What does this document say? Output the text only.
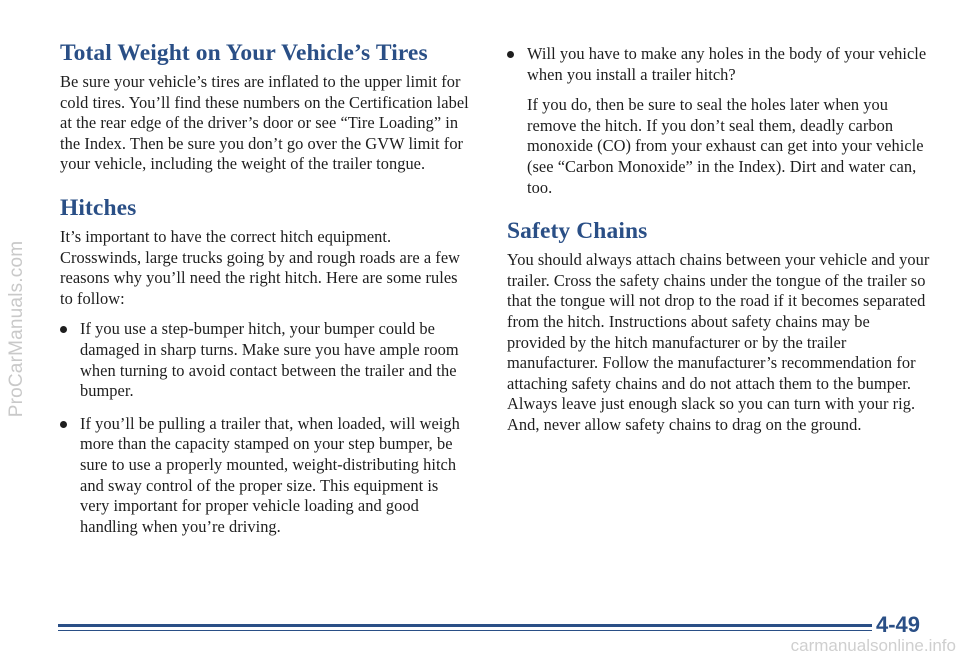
ProCarManuals.com
Total Weight on Your Vehicle’s Tires

Be sure your vehicle’s tires are inflated to the upper limit for cold tires. You’ll find these numbers on the Certification label at the rear edge of the driver’s door or see “Tire Loading” in the Index. Then be sure you don’t go over the GVW limit for your vehicle, including the weight of the trailer tongue.

Hitches

It’s important to have the correct hitch equipment. Crosswinds, large trucks going by and rough roads are a few reasons why you’ll need the right hitch. Here are some rules to follow:

If you use a step-bumper hitch, your bumper could be damaged in sharp turns. Make sure you have ample room when turning to avoid contact between the trailer and the bumper.

If you’ll be pulling a trailer that, when loaded, will weigh more than the capacity stamped on your step bumper, be sure to use a properly mounted, weight-distributing hitch and sway control of the proper size. This equipment is very important for proper vehicle loading and good handling when you’re driving.

Will you have to make any holes in the body of your vehicle when you install a trailer hitch?

If you do, then be sure to seal the holes later when you remove the hitch. If you don’t seal them, deadly carbon monoxide (CO) from your exhaust can get into your vehicle (see “Carbon Monoxide” in the Index). Dirt and water can, too.

Safety Chains

You should always attach chains between your vehicle and your trailer. Cross the safety chains under the tongue of the trailer so that the tongue will not drop to the road if it becomes separated from the hitch. Instructions about safety chains may be provided by the hitch manufacturer or by the trailer manufacturer. Follow the manufacturer’s recommendation for attaching safety chains and do not attach them to the bumper. Always leave just enough slack so you can turn with your rig. And, never allow safety chains to drag on the ground.

4-49
carmanualsonline.info
